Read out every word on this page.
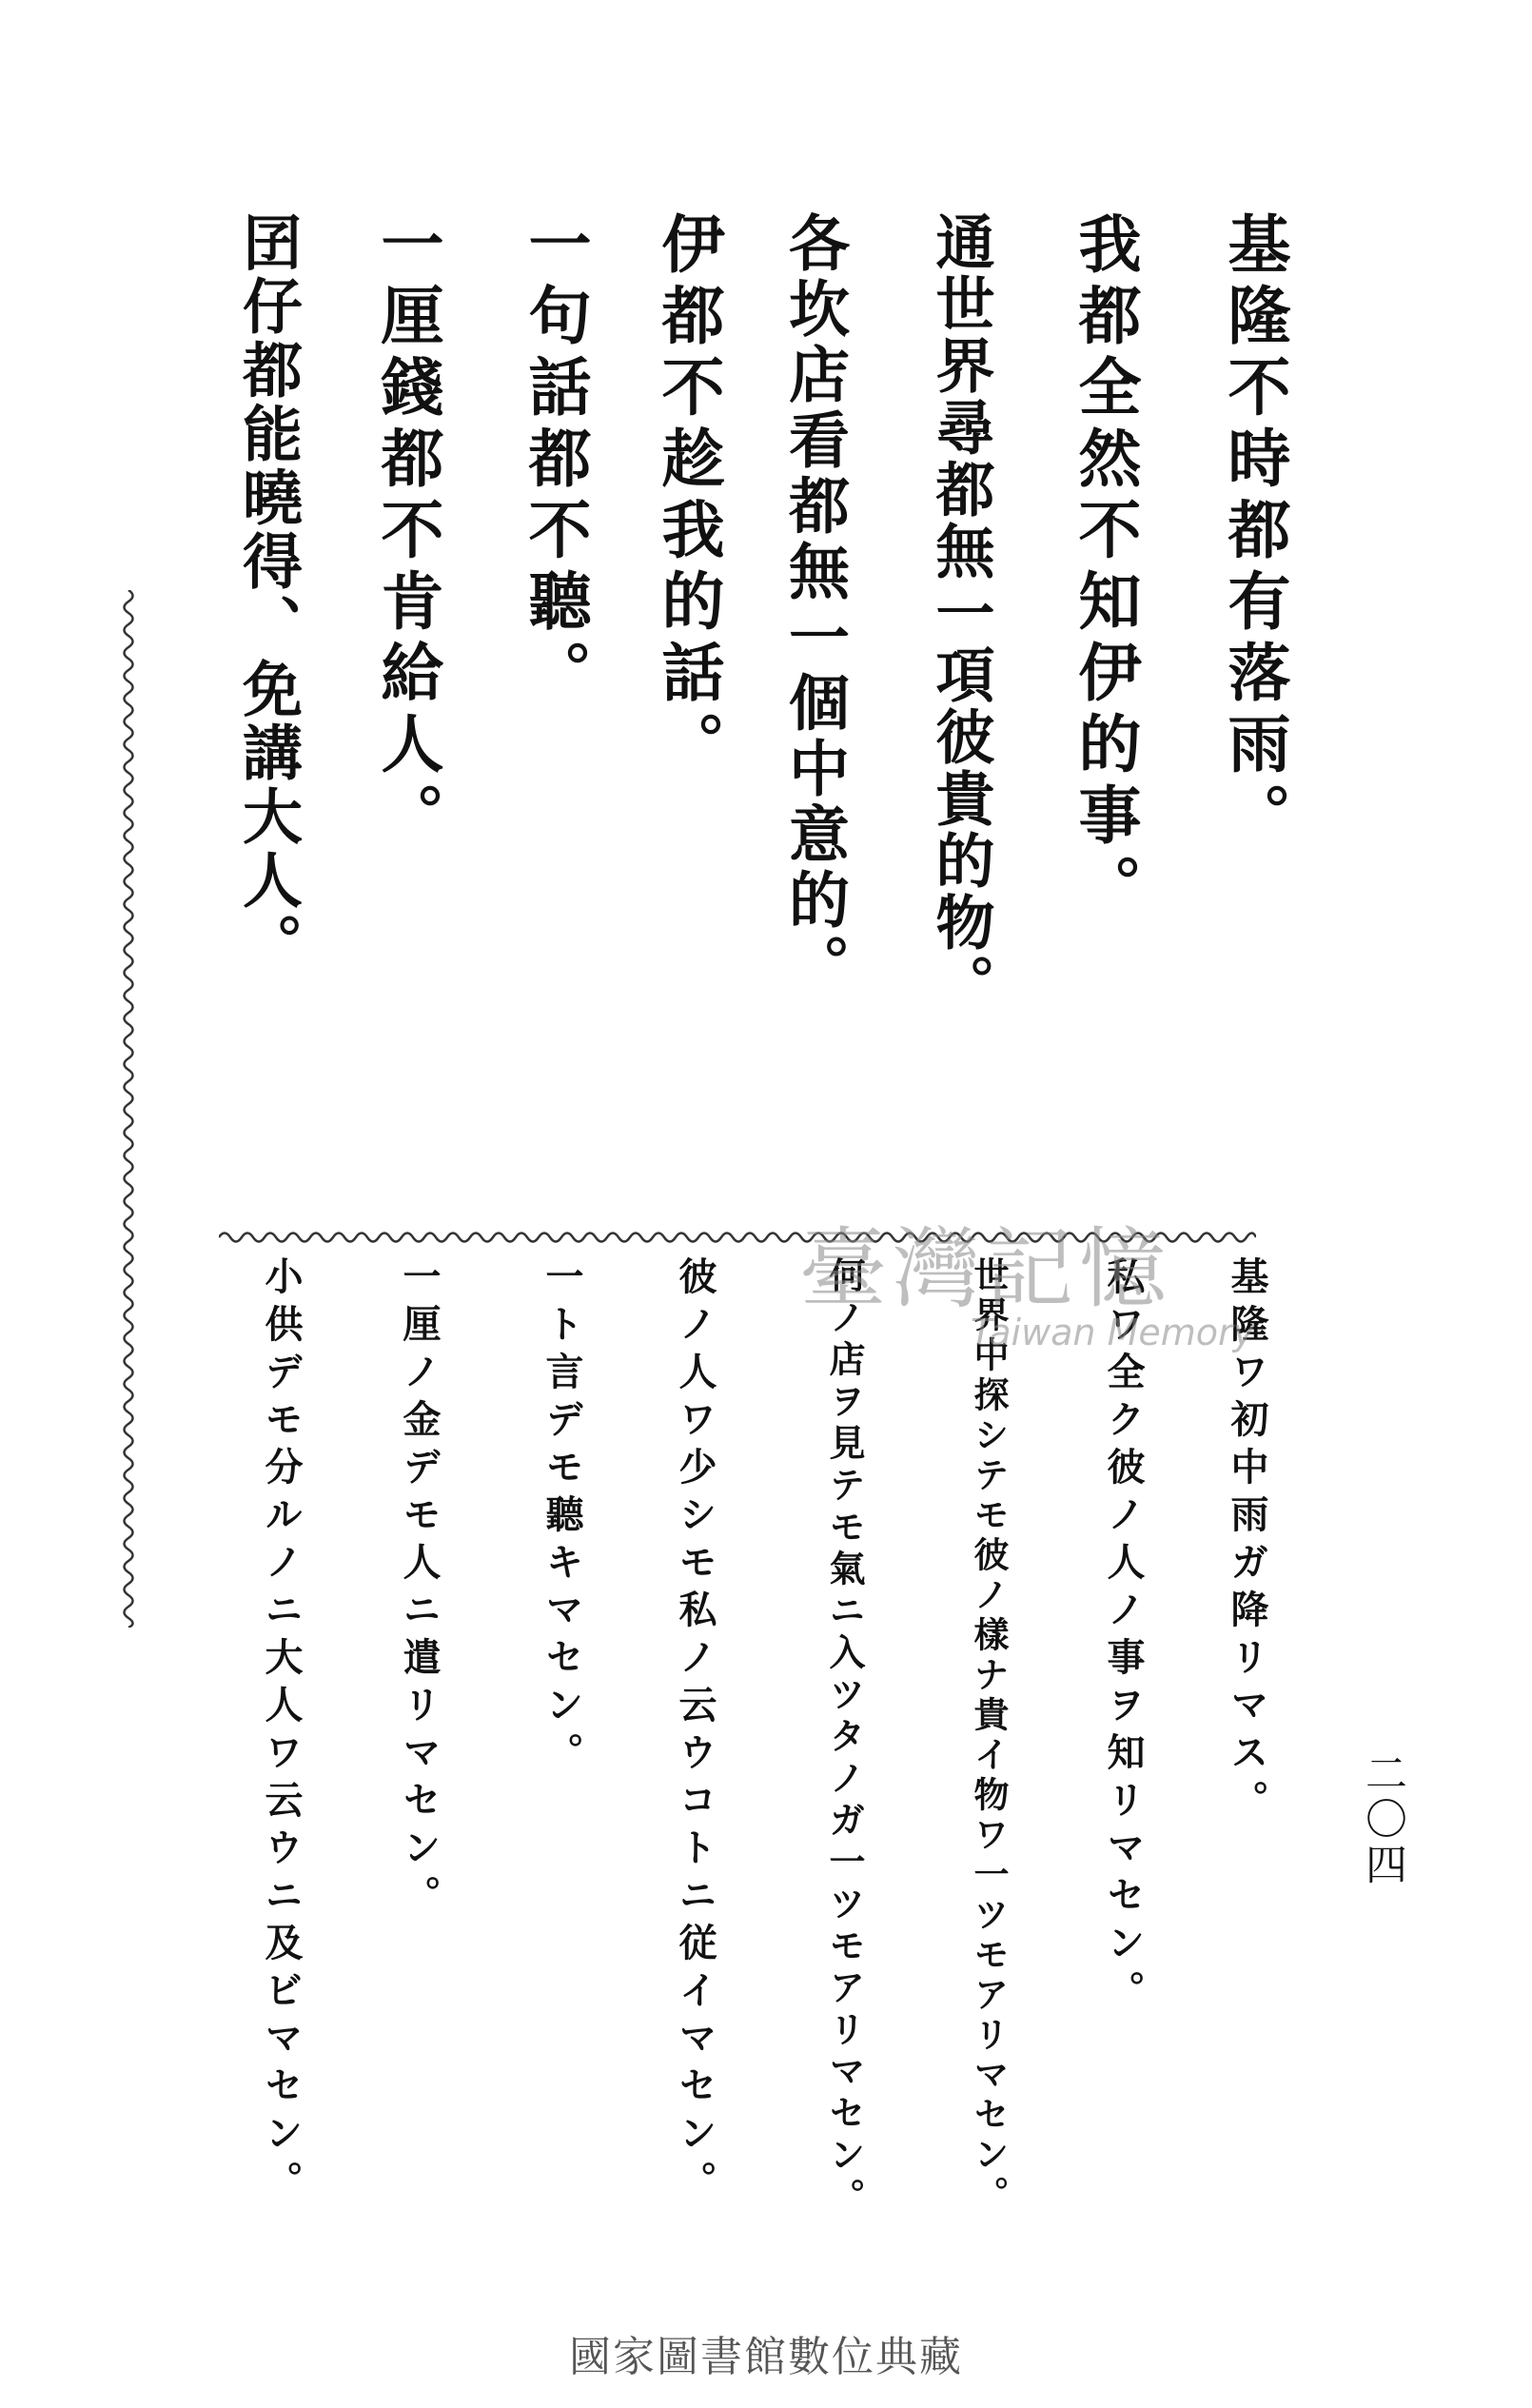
基隆不時都有落雨。
我都全然不知伊的事。
通世界尋都無一項彼貴的物。
各坎店看都無一個中意的。
伊都不趁我的話。
一句話都不聽。
一厘錢都不肯給人。
囝仔都能曉得、免講大人。
二〇四
基隆ワ初中雨ガ降リマス。
私ワ全ク彼ノ人ノ事ヲ知リマセン。
世界中探シテモ彼ノ樣ナ貴イ物ワ一ツモアリマセン。
何ノ店ヲ見テモ氣ニ入ツタノガ一ツモアリマセン。
彼ノ人ワ少シモ私ノ云ウコトニ従イマセン。
一ト言デモ聽キマセン。
一厘ノ金デモ人ニ遣リマセン。
小供デモ分ルノニ大人ワ云ウニ及ビマセン。	臺灣記憶
Taiwan Memory
國家圖書館數位典藏
